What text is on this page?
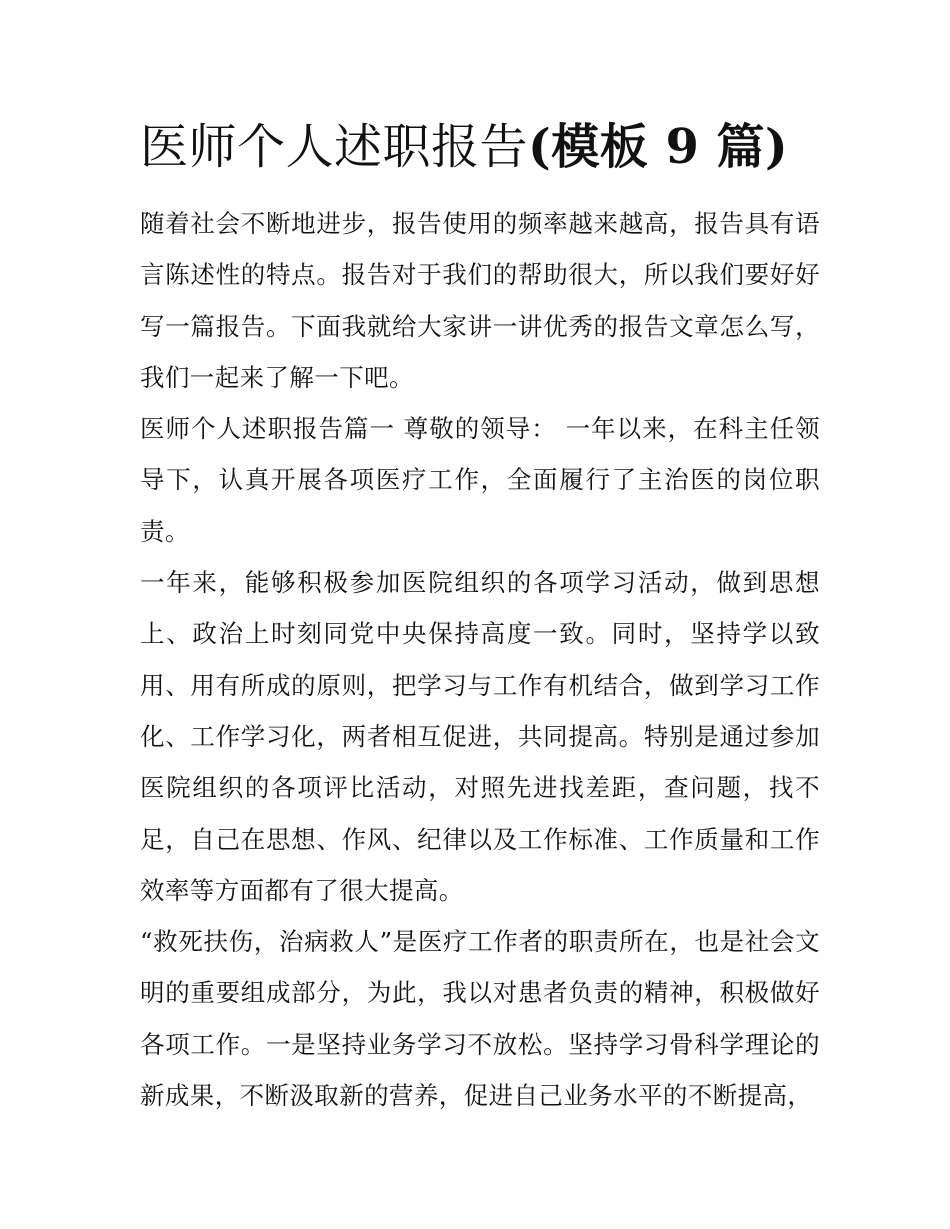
医师个人述职报告(模板 9 篇)

随着社会不断地进步，报告使用的频率越来越高，报告具有语言陈述性的特点。报告对于我们的帮助很大，所以我们要好好写一篇报告。下面我就给大家讲一讲优秀的报告文章怎么写，我们一起来了解一下吧。

医师个人述职报告篇一 尊敬的领导： 一年以来，在科主任领导下，认真开展各项医疗工作，全面履行了主治医的岗位职责。

一年来，能够积极参加医院组织的各项学习活动，做到思想上、政治上时刻同党中央保持高度一致。同时，坚持学以致用、用有所成的原则，把学习与工作有机结合，做到学习工作化、工作学习化，两者相互促进，共同提高。特别是通过参加医院组织的各项评比活动，对照先进找差距，查问题，找不足，自己在思想、作风、纪律以及工作标准、工作质量和工作效率等方面都有了很大提高。

“救死扶伤，治病救人”是医疗工作者的职责所在，也是社会文明的重要组成部分，为此，我以对患者负责的精神，积极做好各项工作。一是坚持业务学习不放松。坚持学习骨科学理论的新成果，不断汲取新的营养，促进自己业务水平的不断提高，
